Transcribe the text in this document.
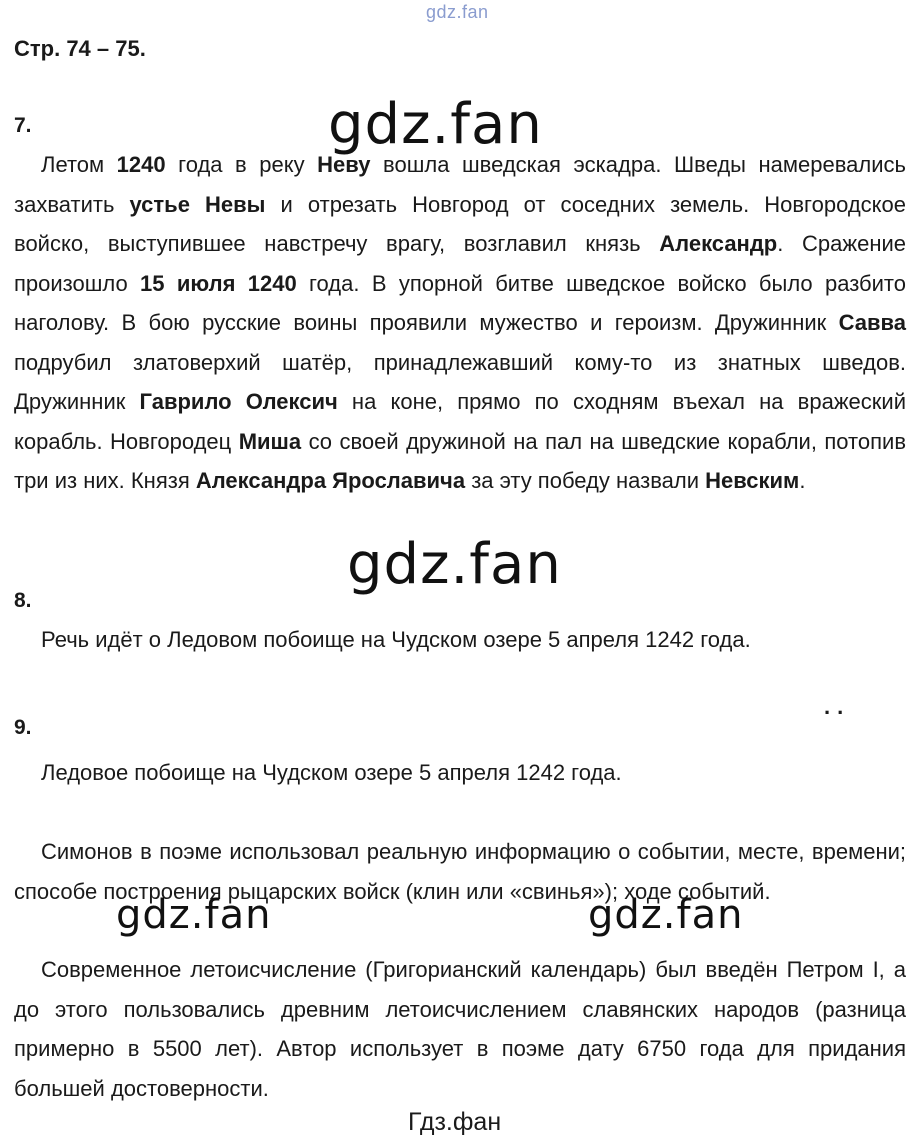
gdz.fan
Стр. 74 – 75.
7.

Летом 1240 года в реку Неву вошла шведская эскадра. Шведы намеревались захватить устье Невы и отрезать Новгород от соседних земель. Новгородское войско, выступившее навстречу врагу, возглавил князь Александр. Сражение произошло 15 июля 1240 года. В упорной битве шведское войско было разбито наголову. В бою русские воины проявили мужество и героизм. Дружинник Савва подрубил златоверхий шатёр, принадлежавший кому-то из знатных шведов. Дружинник Гаврило Олексич на коне, прямо по сходням въехал на вражеский корабль. Новгородец Миша со своей дружиной на пал на шведские корабли, потопив три из них. Князя Александра Ярославича за эту победу назвали Невским.

gdz.fan
gdz.fan
8.

Речь идёт о Ледовом побоище на Чудском озере 5 апреля 1242 года.

..
9.

Ледовое побоище на Чудском озере 5 апреля 1242 года.

Симонов в поэме использовал реальную информацию о событии, месте, времени; способе построения рыцарских войск (клин или «свинья»); ходе событий.

gdz.fan	gdz.fan

Современное летоисчисление (Григорианский календарь) был введён Петром I, а до этого пользовались древним летоисчислением славянских народов (разница примерно в 5500 лет). Автор использует в поэме дату 6750 года для придания большей достоверности.

Гдз.фан
